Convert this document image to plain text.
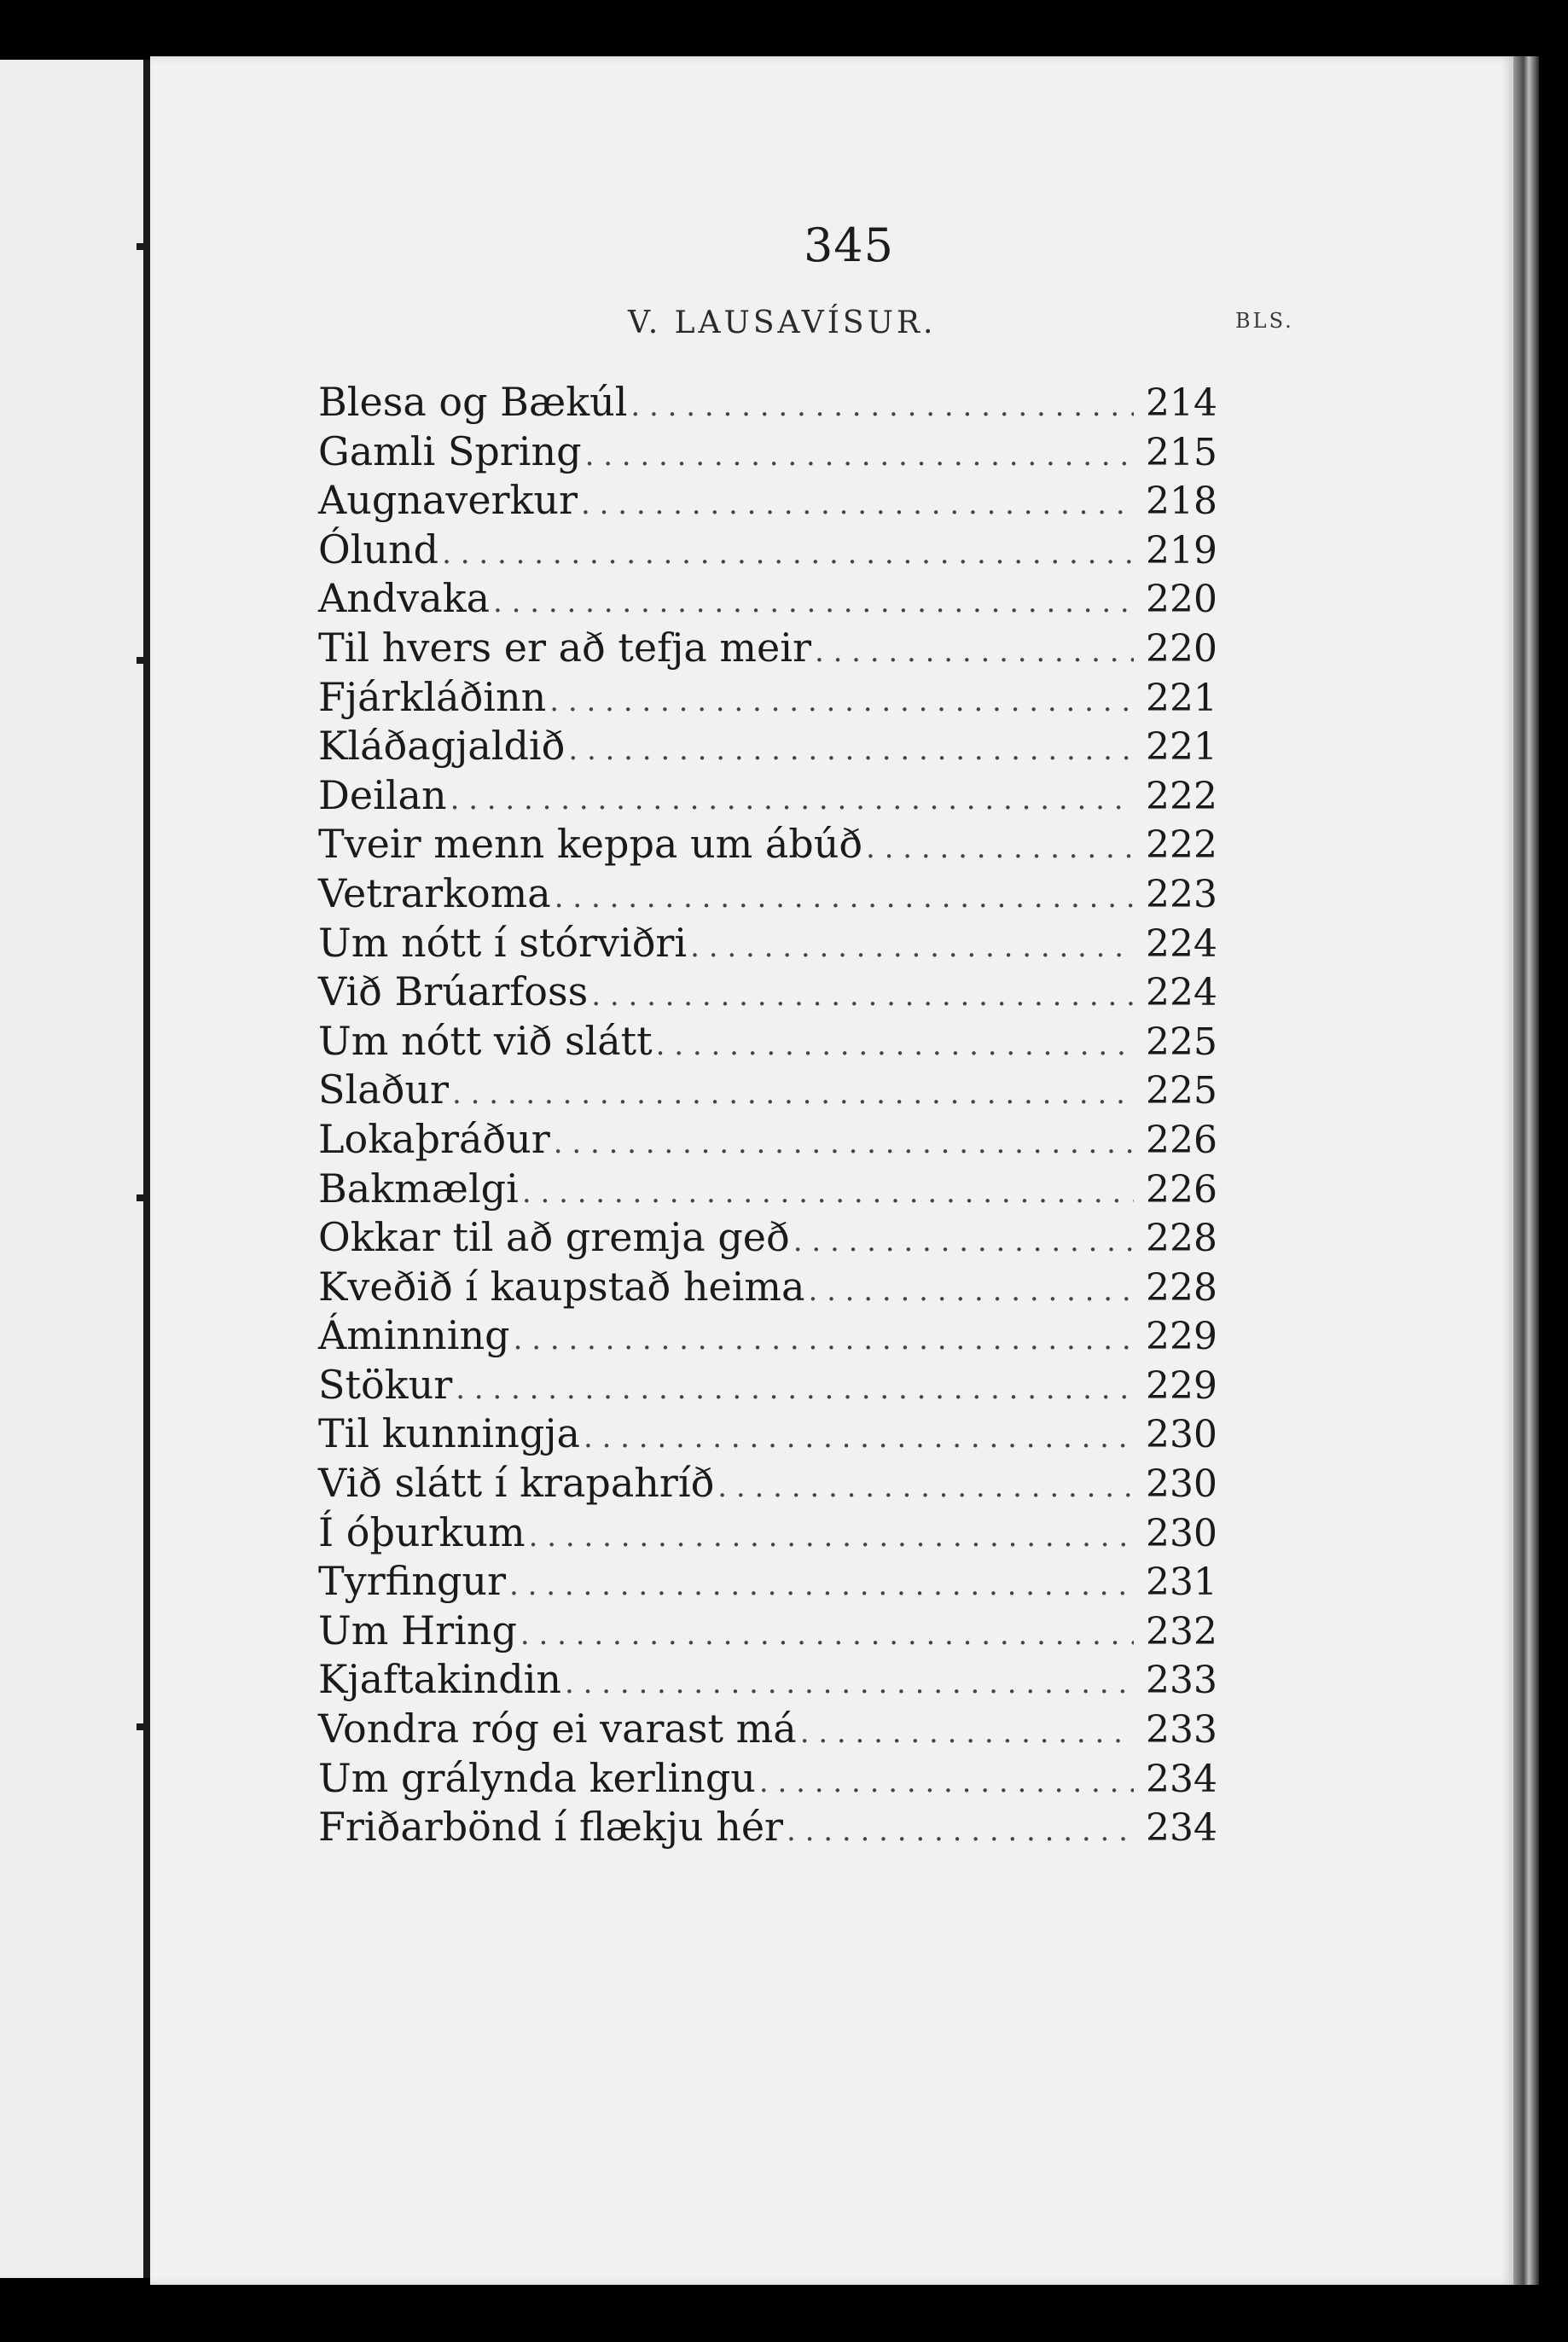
345
V. LAUSAVÍSUR.	BLS.
Blesa og Bækúl . . .	214
Gamli Spring . . .	215
Augnaverkur . . .	218
Ólund . . .	219
Andvaka . . .	220
Til hvers er að tefja meir . . .	220
Fjárkláðinn . . .	221
Kláðagjaldið . . .	221
Deilan . . .	222
Tveir menn keppa um ábúð . . .	222
Vetrarkoma . . .	223
Um nótt í stórviðri . . .	224
Við Brúarfoss . . .	224
Um nótt við slátt . . .	225
Slaður . . .	225
Lokaþráður . . .	226
Bakmælgi . . .	226
Okkar til að gremja geð . . .	228
Kveðið í kaupstað heima . . .	228
Áminning . . .	229
Stökur . . .	229
Til kunningja . . .	230
Við slátt í krapahríð . . .	230
Í óþurkum . . .	230
Tyrfingur . . .	231
Um Hring . . .	232
Kjaftakindin . . .	233
Vondra róg ei varast má . . .	233
Um grálynda kerlingu . . .	234
Friðarbönd í flækju hér . . .	234
